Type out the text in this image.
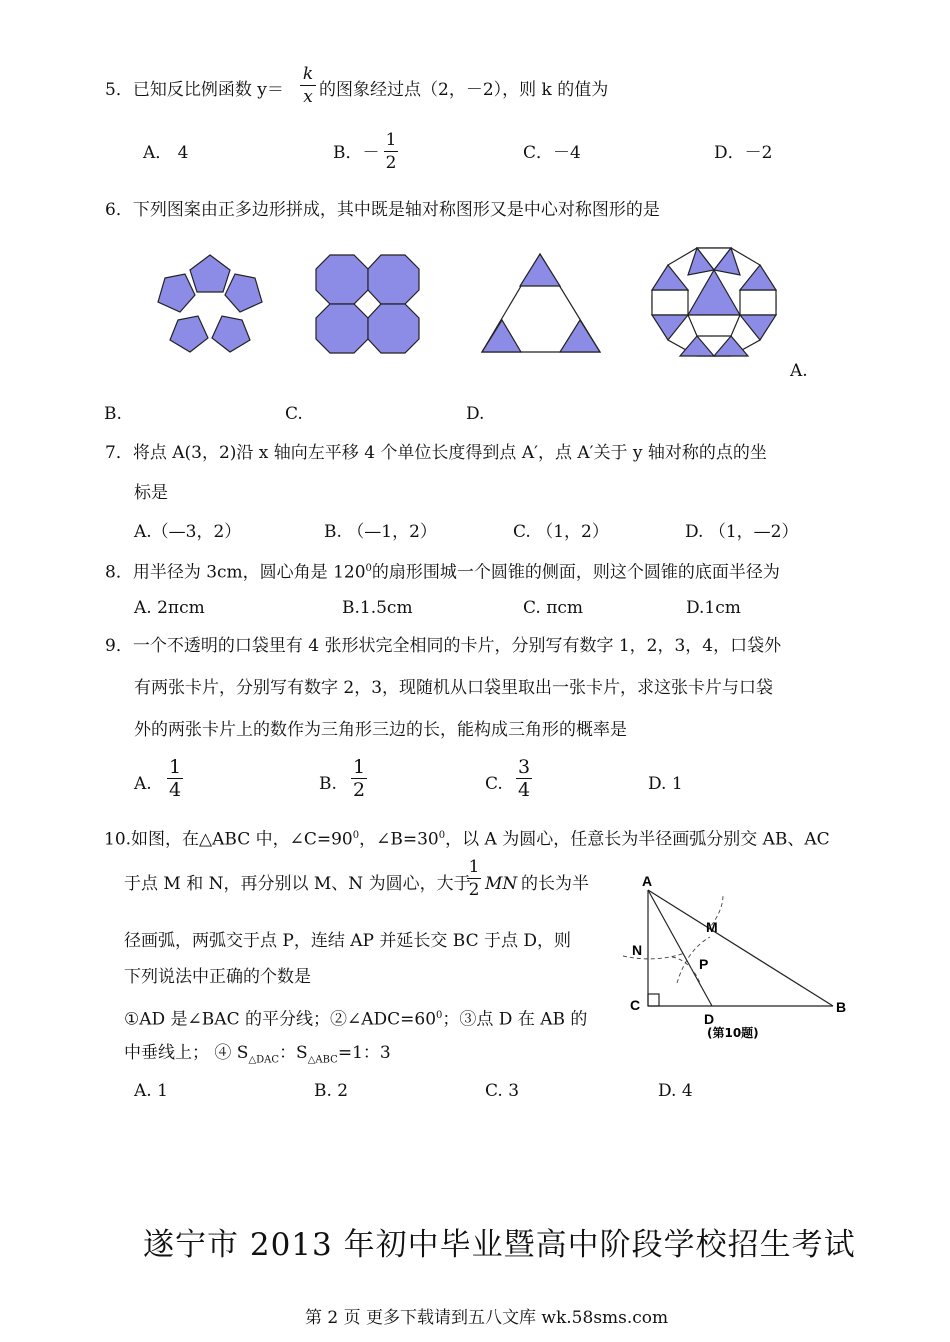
5．已知反比例函数 y＝
k
x 的图象经过点（2，－2），则 k 的值为
A． 4	B．－
1
2	C．－4	D．－2
6．下列图案由正多边形拼成，其中既是轴对称图形又是中心对称图形的是
A.
B.	C.	D.
7．将点 A(3，2)沿 x 轴向左平移 4 个单位长度得到点 A′，点 A′关于 y 轴对称的点的坐
标是
A.（—3，2）	B. （—1，2）	C. （1，2）	D. （1，—2）
8．用半径为 3cm，圆心角是 $120^0$的扇形围城一个圆锥的侧面，则这个圆锥的底面半径为
A. 2πcm	B.1.5cm	C. πcm	D.1cm
9．一个不透明的口袋里有 4 张形状完全相同的卡片，分别写有数字 1，2，3，4，口袋外
有两张卡片，分别写有数字 2，3，现随机从口袋里取出一张卡片，求这张卡片与口袋
外的两张卡片上的数作为三角形三边的长，能构成三角形的概率是
A.
1
4	B.
1
2	C.
3
4	D. 1
10.如图，在△ABC 中，$\angle C=90^0$，$\angle B=30^0$，以 A 为圆心，任意长为半径画弧分别交 AB、AC
于点 M 和 N，再分别以 M、N 为圆心，大于
1
2 MN 的长为半
径画弧，两弧交于点 P，连结 AP 并延长交 BC 于点 D，则
下列说法中正确的个数是
①AD 是∠BAC 的平分线；$②\angle ADC=60^0$；③点 D 在 AB 的
中垂线上； ④ $S_{\triangle DAC}$：$S_{\triangle ABC}=1$：3
A. 1	B. 2	C. 3	D. 4
A
C	B
D
M
N
P
(第10题)
遂宁市 2013 年初中毕业暨高中阶段学校招生考试
第 2 页 更多下载请到五八文库 wk.58sms.com
